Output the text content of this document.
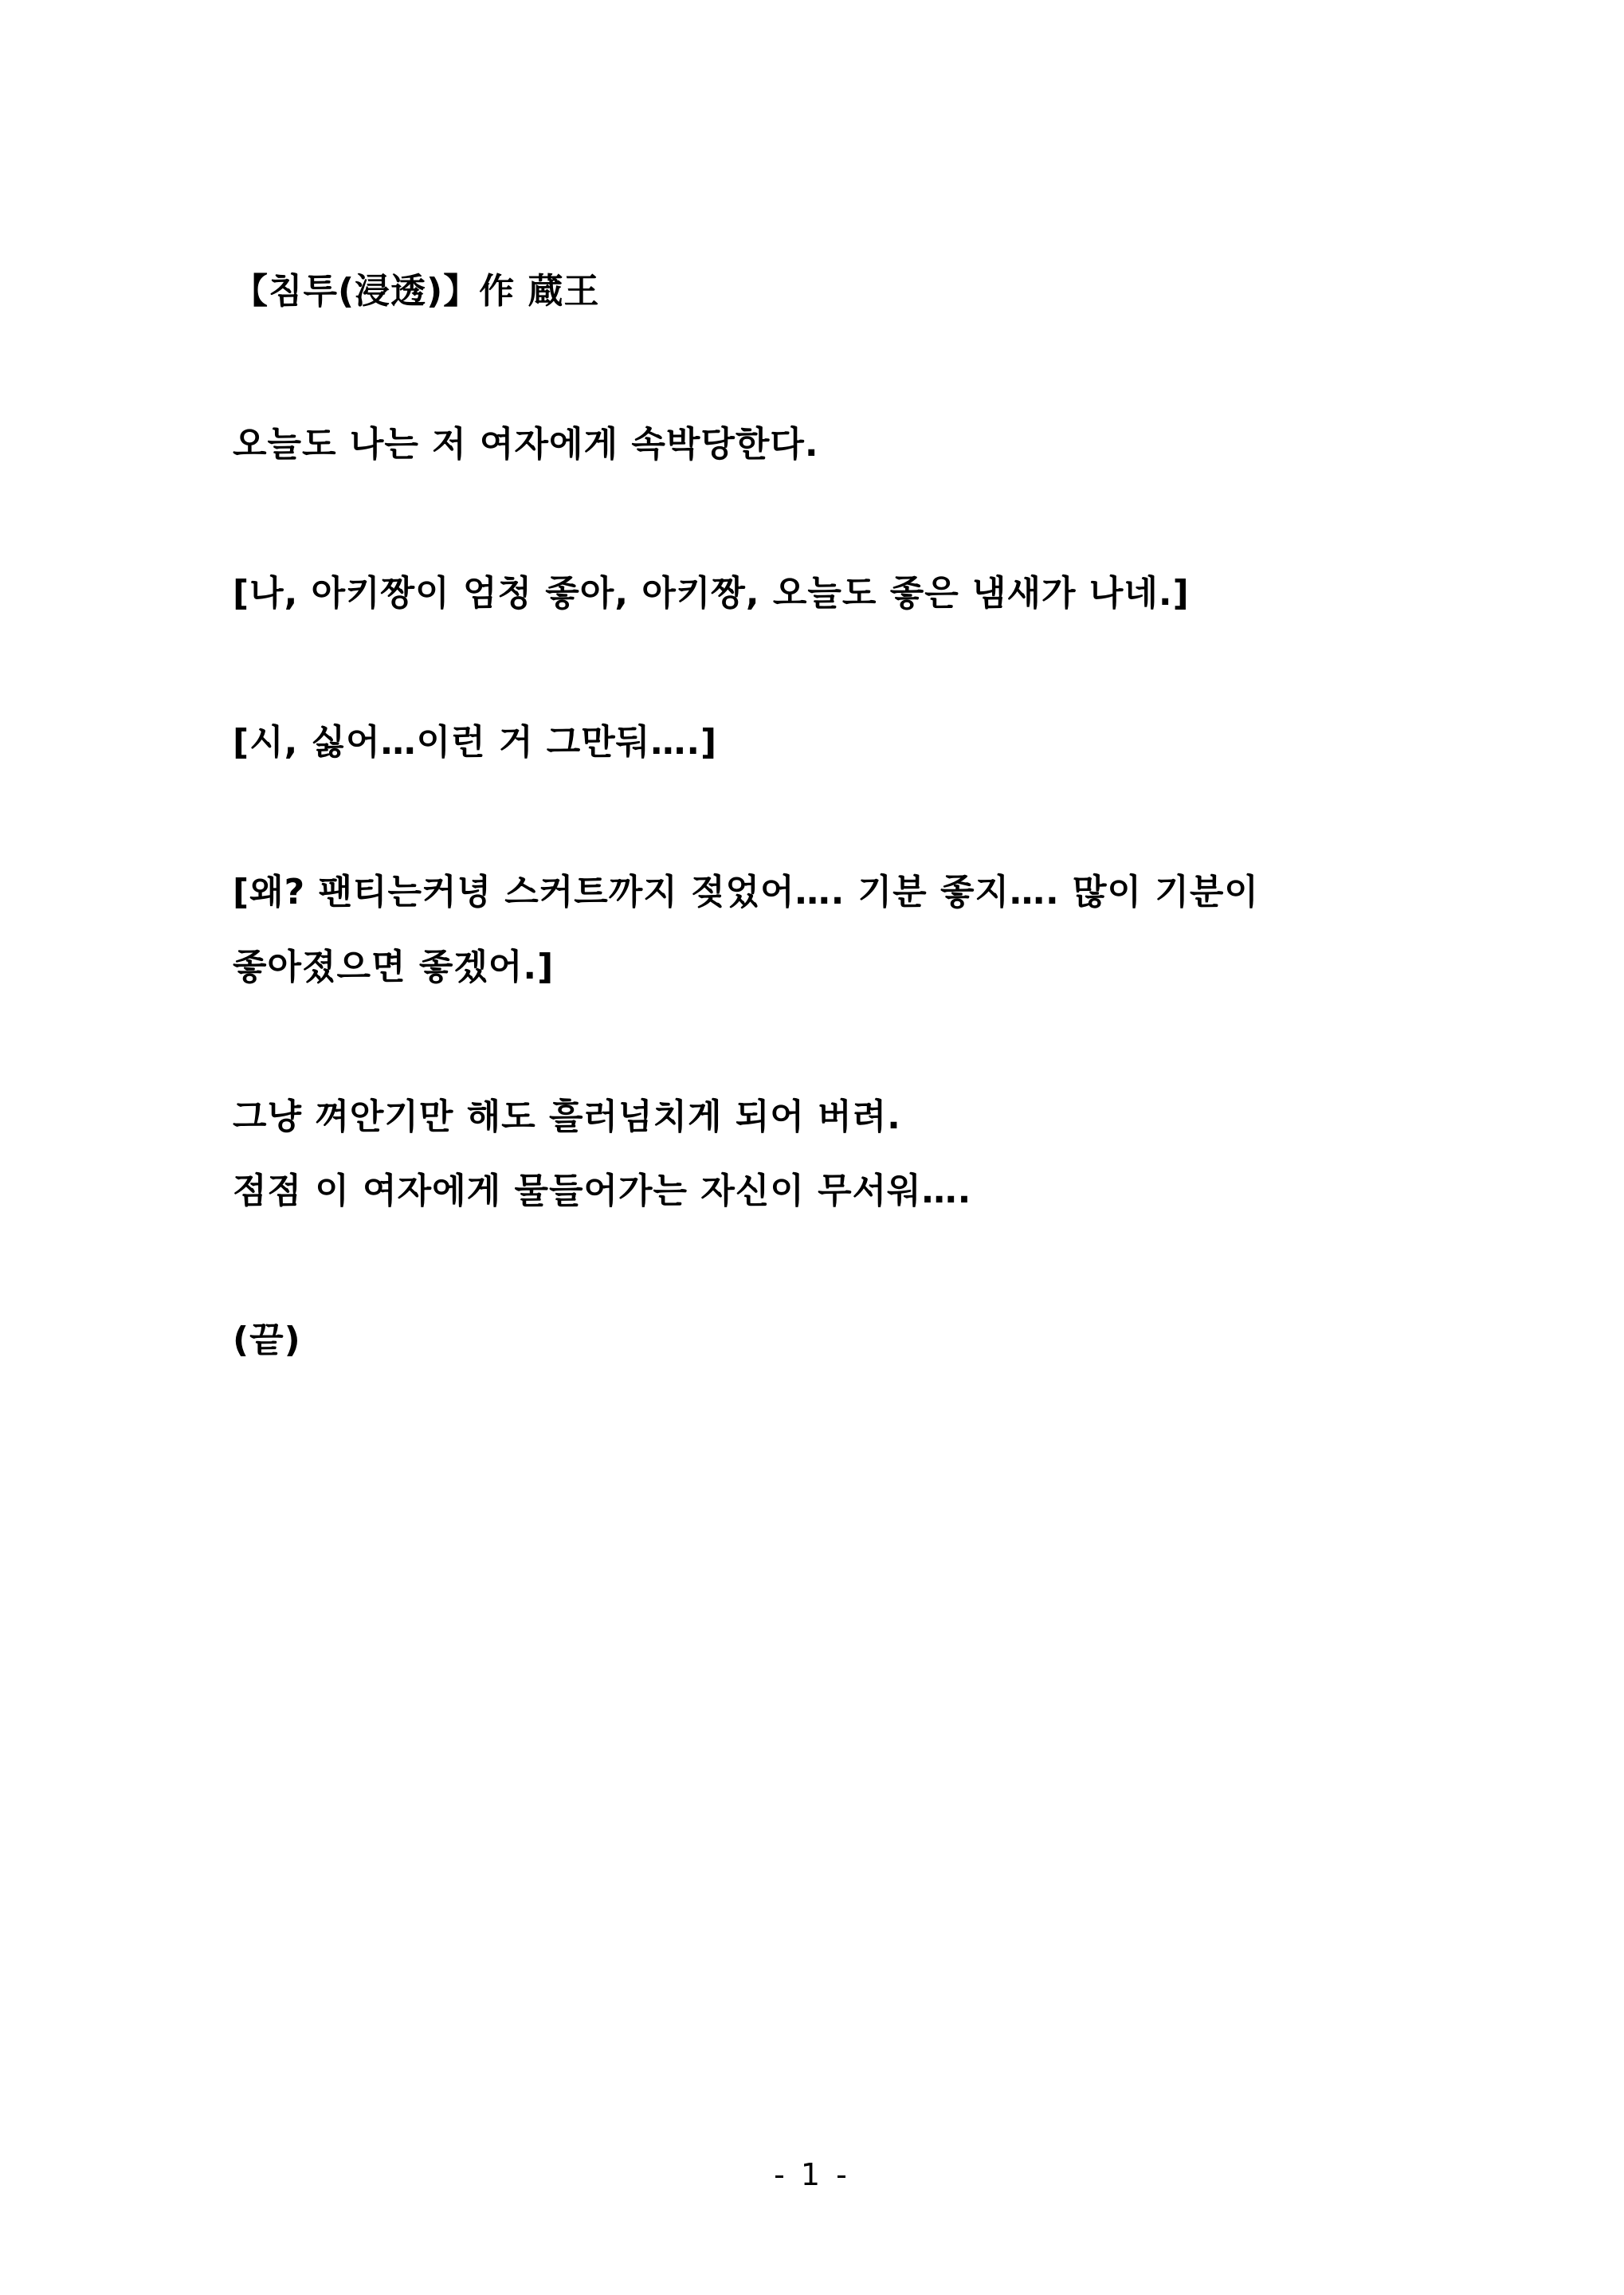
【침투(浸透)】作 蔵王
오늘도 나는 저 여자에게 속박당한다.
[나, 아키짱이 엄청 좋아, 아키짱, 오늘도 좋은 냄새가 나네.]
[시, 싫어…이런 거 그만둬….]
[왜? 팬티는커녕 스커트까지 젖었어…. 기분 좋지…. 많이 기분이
좋아졌으면 좋겠어.]
그냥 껴안기만 해도 흘러넘치게 되어 버려.
점점 이 여자에게 물들어가는 자신이 무서워….
(끝)
- 1 -
